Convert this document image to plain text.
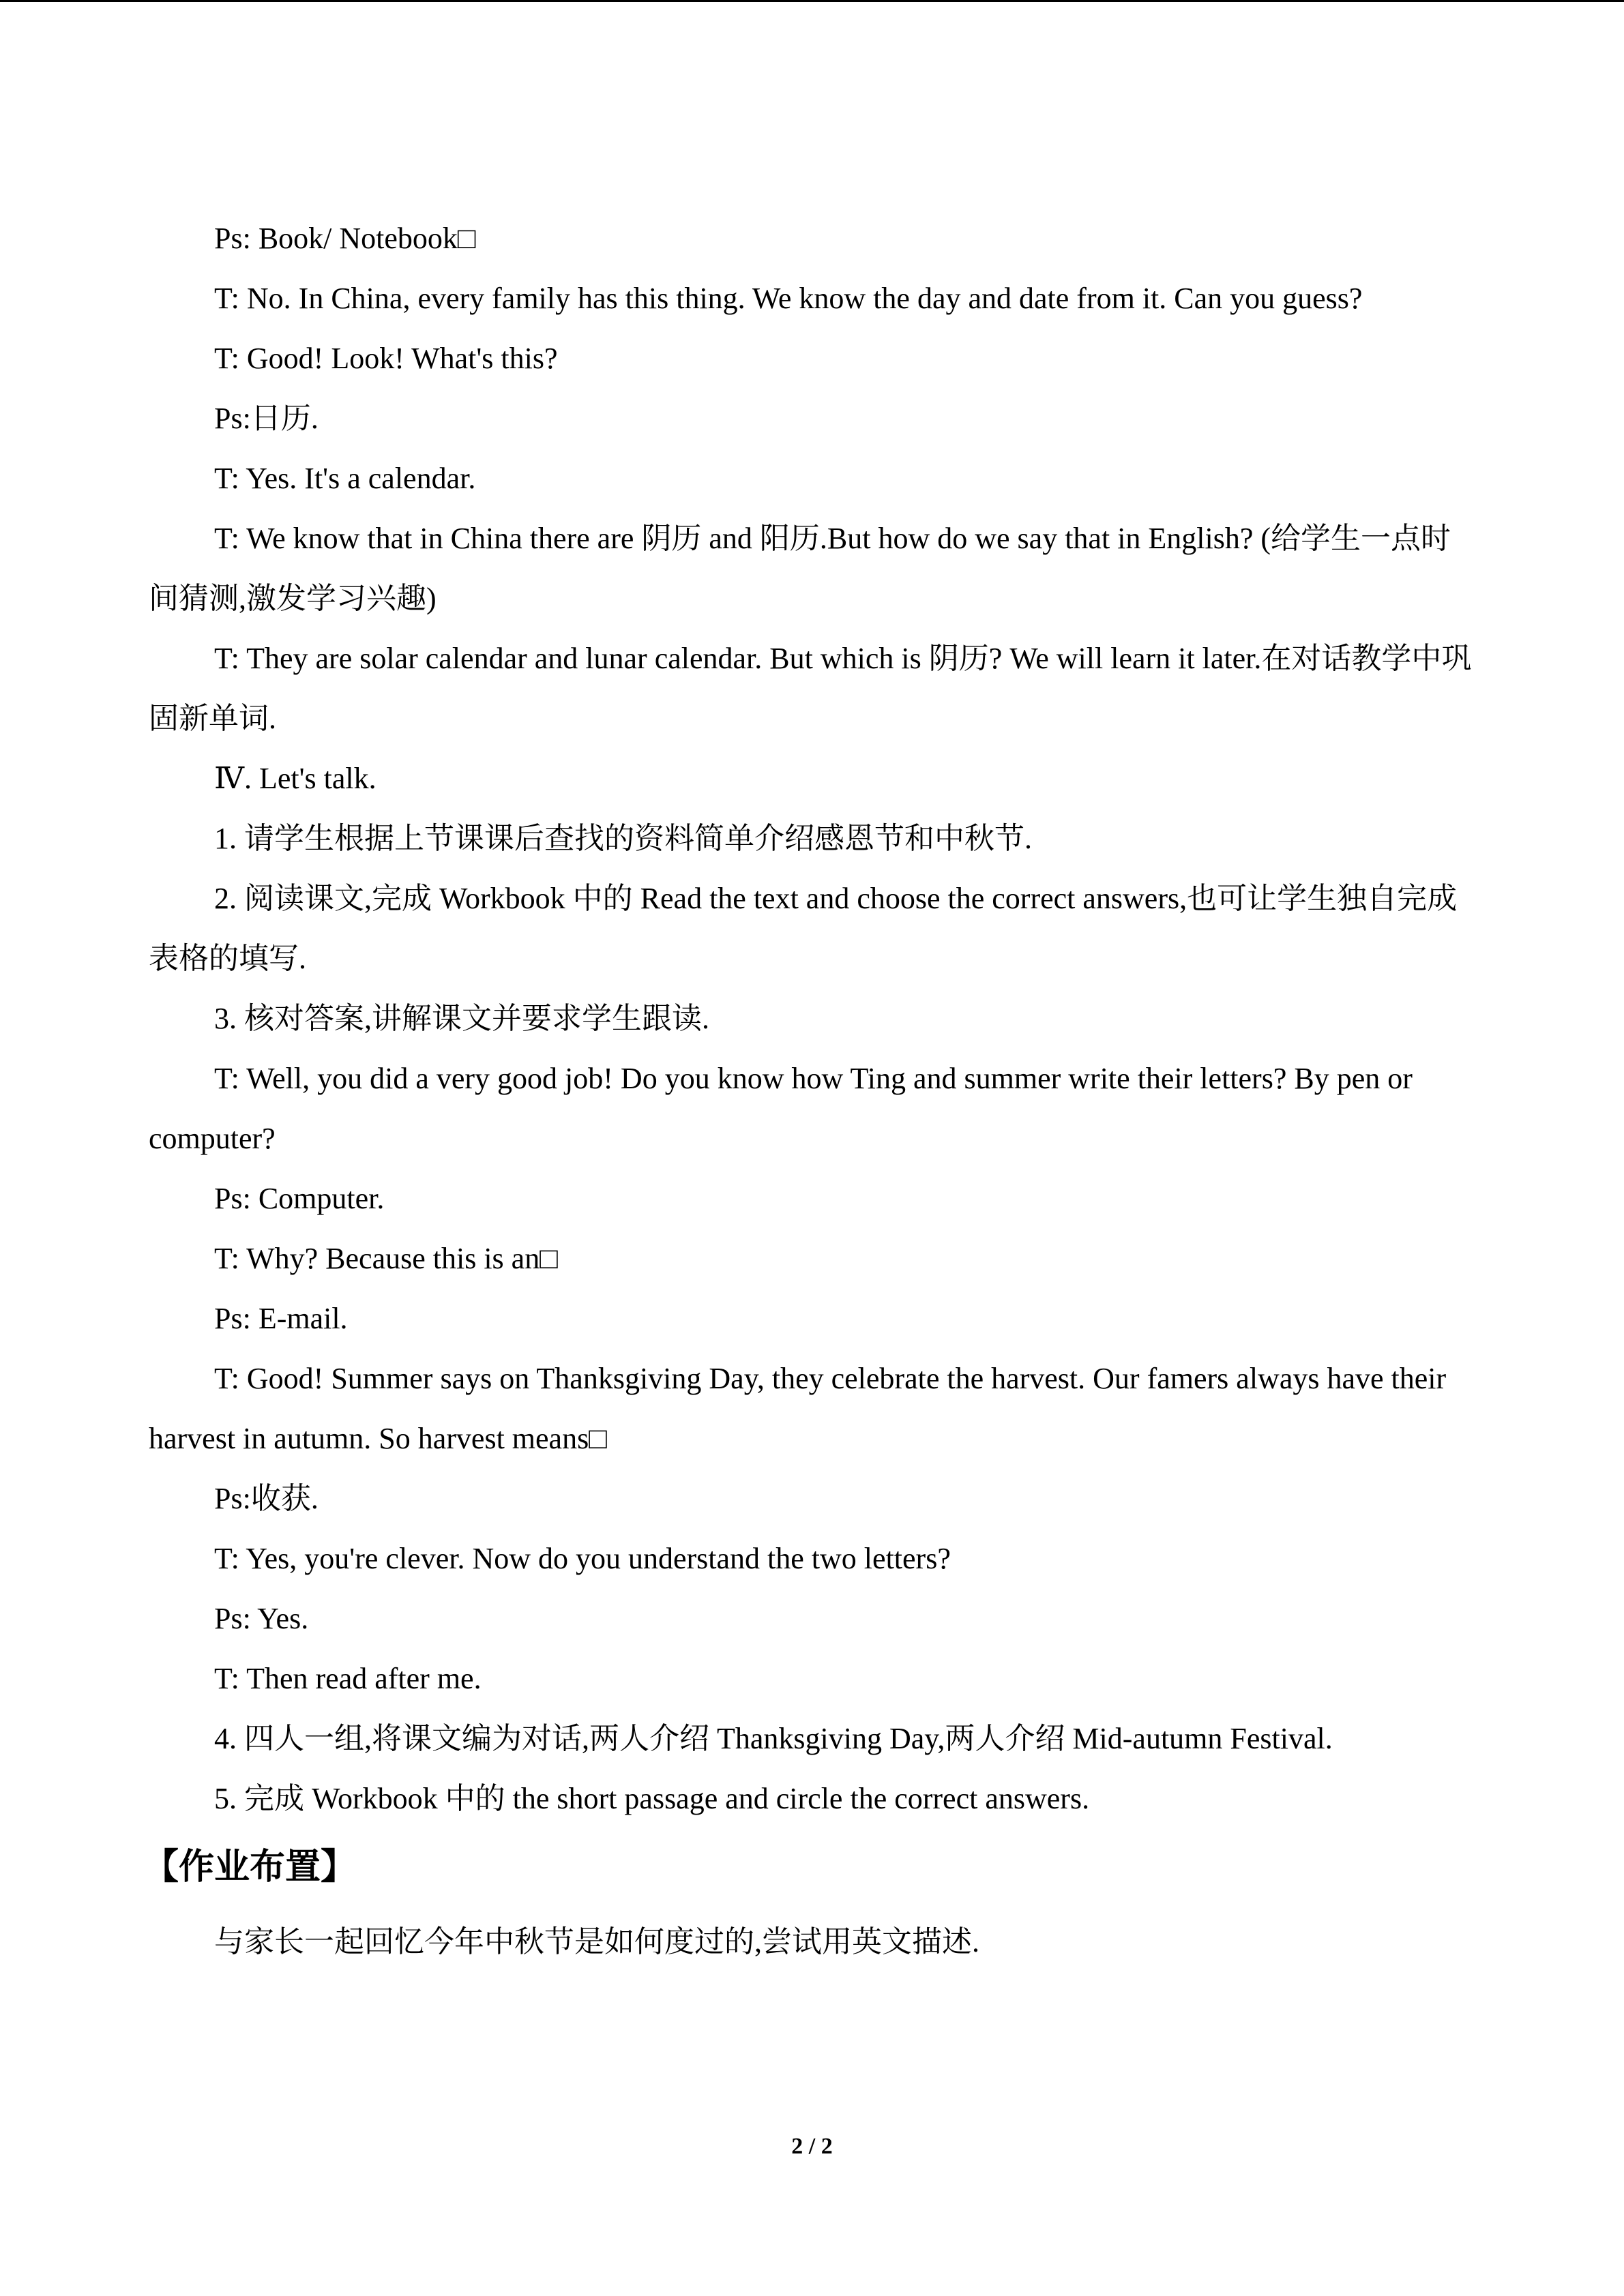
Ps: Book/ Notebook□

T: No. In China, every family has this thing. We know the day and date from it. Can you guess?

T: Good! Look! What's this?

Ps:日历.

T: Yes. It's a calendar.

T: We know that in China there are 阴历 and 阳历.But how do we say that in English? (给学生一点时间猜测,激发学习兴趣)

T: They are solar calendar and lunar calendar. But which is 阴历? We will learn it later.在对话教学中巩固新单词.

Ⅳ. Let's talk.

1. 请学生根据上节课课后查找的资料简单介绍感恩节和中秋节.

2. 阅读课文,完成 Workbook 中的 Read the text and choose the correct answers,也可让学生独自完成表格的填写.

3. 核对答案,讲解课文并要求学生跟读.

T: Well, you did a very good job! Do you know how Ting and summer write their letters? By pen or computer?

Ps: Computer.

T: Why? Because this is an□

Ps: E-mail.

T: Good! Summer says on Thanksgiving Day, they celebrate the harvest. Our famers always have their harvest in autumn. So harvest means□

Ps:收获.

T: Yes, you're clever. Now do you understand the two letters?

Ps: Yes.

T: Then read after me.

4. 四人一组,将课文编为对话,两人介绍 Thanksgiving Day,两人介绍 Mid-autumn Festival.

5. 完成 Workbook 中的 the short passage and circle the correct answers.

【作业布置】

与家长一起回忆今年中秋节是如何度过的,尝试用英文描述.

2 / 2
